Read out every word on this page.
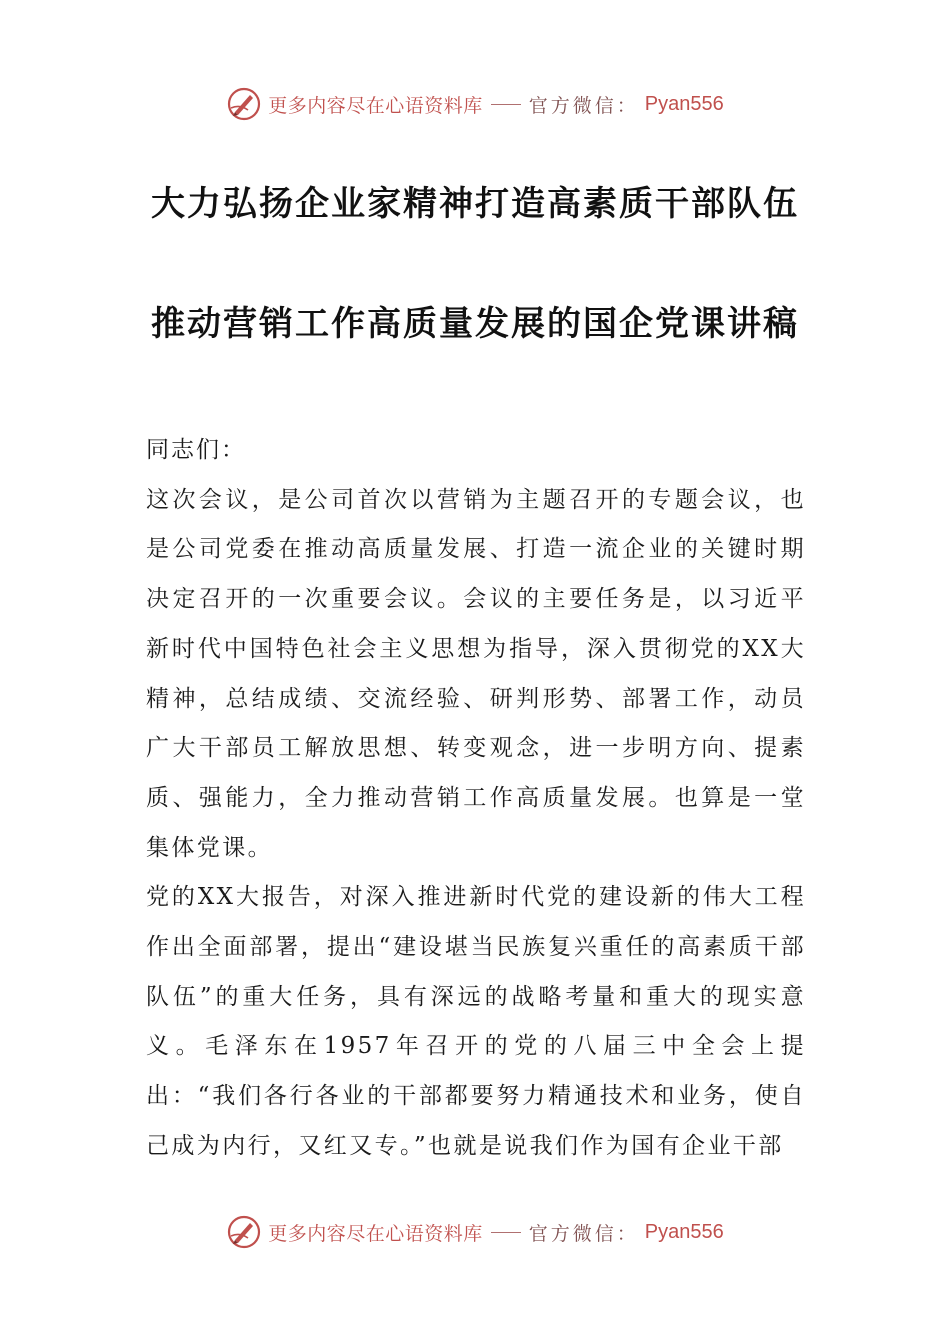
更多内容尽在心语资料库 官方微信： Pyan556
大力弘扬企业家精神打造高素质干部队伍
推动营销工作高质量发展的国企党课讲稿

同志们：

这次会议，是公司首次以营销为主题召开的专题会议，也是公司党委在推动高质量发展、打造一流企业的关键时期决定召开的一次重要会议。会议的主要任务是，以习近平新时代中国特色社会主义思想为指导，深入贯彻党的XX大精神，总结成绩、交流经验、研判形势、部署工作，动员广大干部员工解放思想、转变观念，进一步明方向、提素质、强能力，全力推动营销工作高质量发展。也算是一堂集体党课。

党的XX大报告，对深入推进新时代党的建设新的伟大工程作出全面部署，提出“建设堪当民族复兴重任的高素质干部队伍”的重大任务，具有深远的战略考量和重大的现实意义。毛泽东在1957年召开的党的八届三中全会上提出：“我们各行各业的干部都要努力精通技术和业务，使自己成为内行，又红又专。”也就是说我们作为国有企业干部

更多内容尽在心语资料库 官方微信： Pyan556
